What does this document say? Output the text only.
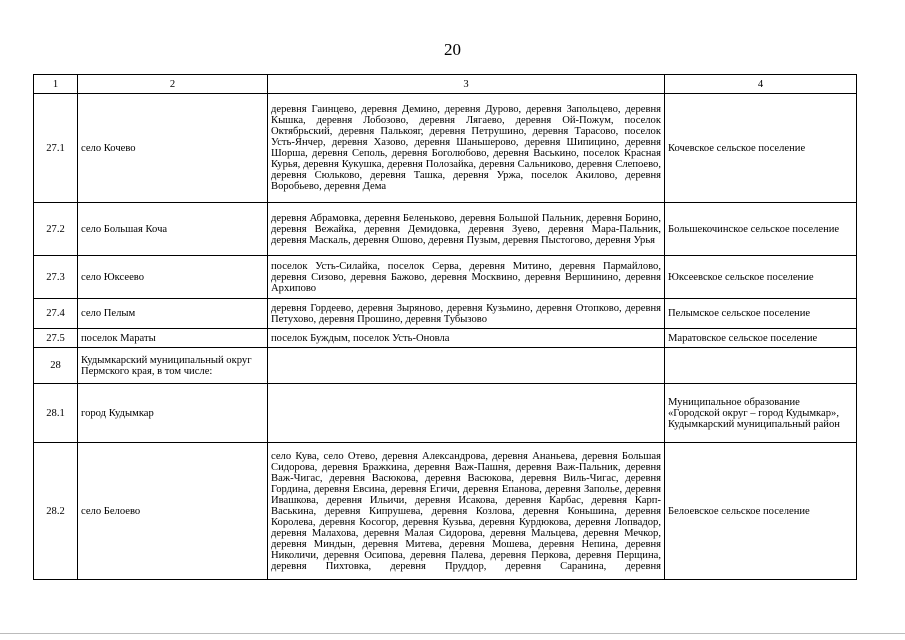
20
1	2	3	4
27.1	село Кочево	деревня Гаинцево, деревня Демино, деревня Дурово, деревня Запольцево, деревня Кышка, деревня Лобозово, деревня Лягаево, деревня Ой-Пожум, поселок Октябрьский, деревня Палькояг, деревня Петрушино, деревня Тарасово, поселок Усть-Янчер, деревня Хазово, деревня Шаньшерово, деревня Шипицино, деревня Шорша, деревня Сеполь, деревня Боголюбово, деревня Васькино, поселок Красная Курья, деревня Кукушка, деревня Полозайка, деревня Сальниково, деревня Слепоево, деревня Сюльково, деревня Ташка, деревня Уржа, поселок Акилово, деревня Воробьево, деревня Дема	Кочевское сельское поселение
27.2	село Большая Коча	деревня Абрамовка, деревня Беленьково, деревня Большой Пальник, деревня Борино, деревня Вежайка, деревня Демидовка, деревня Зуево, деревня Мара-Пальник, деревня Маскаль, деревня Ошово, деревня Пузым, деревня Пыстогово, деревня Урья	Большекочинское сельское поселение
27.3	село Юксеево	поселок Усть-Силайка, поселок Серва, деревня Митино, деревня Пармайлово, деревня Сизово, деревня Бажово, деревня Москвино, деревня Вершинино, деревня Архипово	Юксеевское сельское поселение
27.4	село Пелым	деревня Гордеево, деревня Зыряново, деревня Кузьмино, деревня Отопково, деревня Петухово, деревня Прошино, деревня Тубызово	Пелымское сельское поселение
27.5	поселок Мараты	поселок Буждым, поселок Усть-Оновла	Маратовское сельское поселение
28	Кудымкарский муниципальный округ Пермского края, в том числе:		
28.1	город Кудымкар		Муниципальное образование «Городской округ – город Кудымкар», Кудымкарский муниципальный район
28.2	село Белоево	село Кува, село Отево, деревня Александрова, деревня Ананьева, деревня Большая Сидорова, деревня Бражкина, деревня Важ-Пашня, деревня Важ-Пальник, деревня Важ-Чигас, деревня Васюкова, деревня Васюкова, деревня Виль-Чигас, деревня Гордина, деревня Евсина, деревня Егичи, деревня Епанова, деревня Заполье, деревня Ивашкова, деревня Ильичи, деревня Исакова, деревня Карбас, деревня Карп-Васькина, деревня Кипрушева, деревня Козлова, деревня Коньшина, деревня Королева, деревня Косогор, деревня Кузьва, деревня Курдюкова, деревня Лопвадор, деревня Малахова, деревня Малая Сидорова, деревня Мальцева, деревня Мечкор, деревня Миндын, деревня Митева, деревня Мошева, деревня Непина, деревня Николичи, деревня Осипова, деревня Палева, деревня Перкова, деревня Перщина, деревня Пихтовка, деревня Пруддор, деревня Саранина, деревня	Белоевское сельское поселение
